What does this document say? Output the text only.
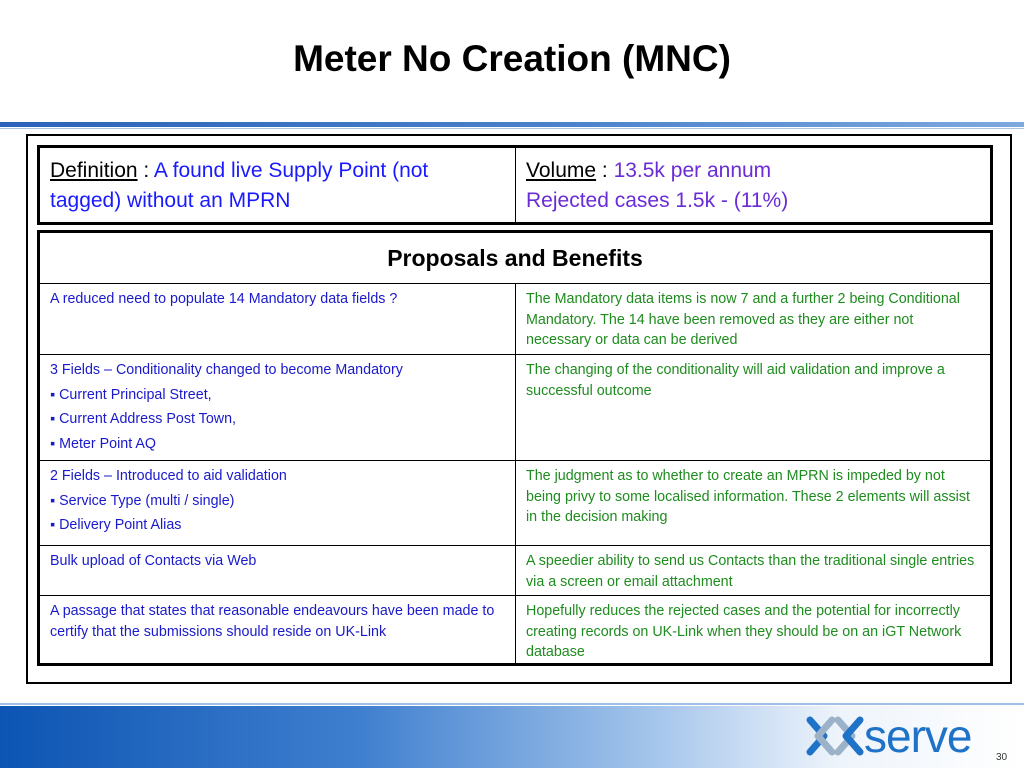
Meter No Creation (MNC)
Definition : A found live Supply Point (not tagged) without an MPRN
Volume : 13.5k per annum
Rejected cases 1.5k - (11%)
Proposals and Benefits
A reduced need to populate 14 Mandatory data fields ?	The Mandatory data items is now 7 and a further 2 being Conditional Mandatory. The 14 have been removed as they are either not necessary or data can be derived
3 Fields – Conditionality changed to become Mandatory
▪ Current Principal Street,
▪ Current Address Post Town,
▪ Meter Point AQ
The changing of the conditionality will aid validation and improve a successful outcome
2 Fields – Introduced to aid validation
▪ Service Type (multi / single)
▪ Delivery Point Alias
The judgment as to whether to create an MPRN is impeded by not being privy to some localised information. These 2 elements will assist in the decision making
Bulk upload of Contacts via Web	A speedier ability to send us Contacts than the traditional single entries via a screen or email attachment
A passage that states that reasonable endeavours have been made to certify that the submissions should reside on UK-Link
Hopefully reduces the rejected cases and the potential for incorrectly creating records on UK-Link when they should be on an iGT Network database
serve 30
